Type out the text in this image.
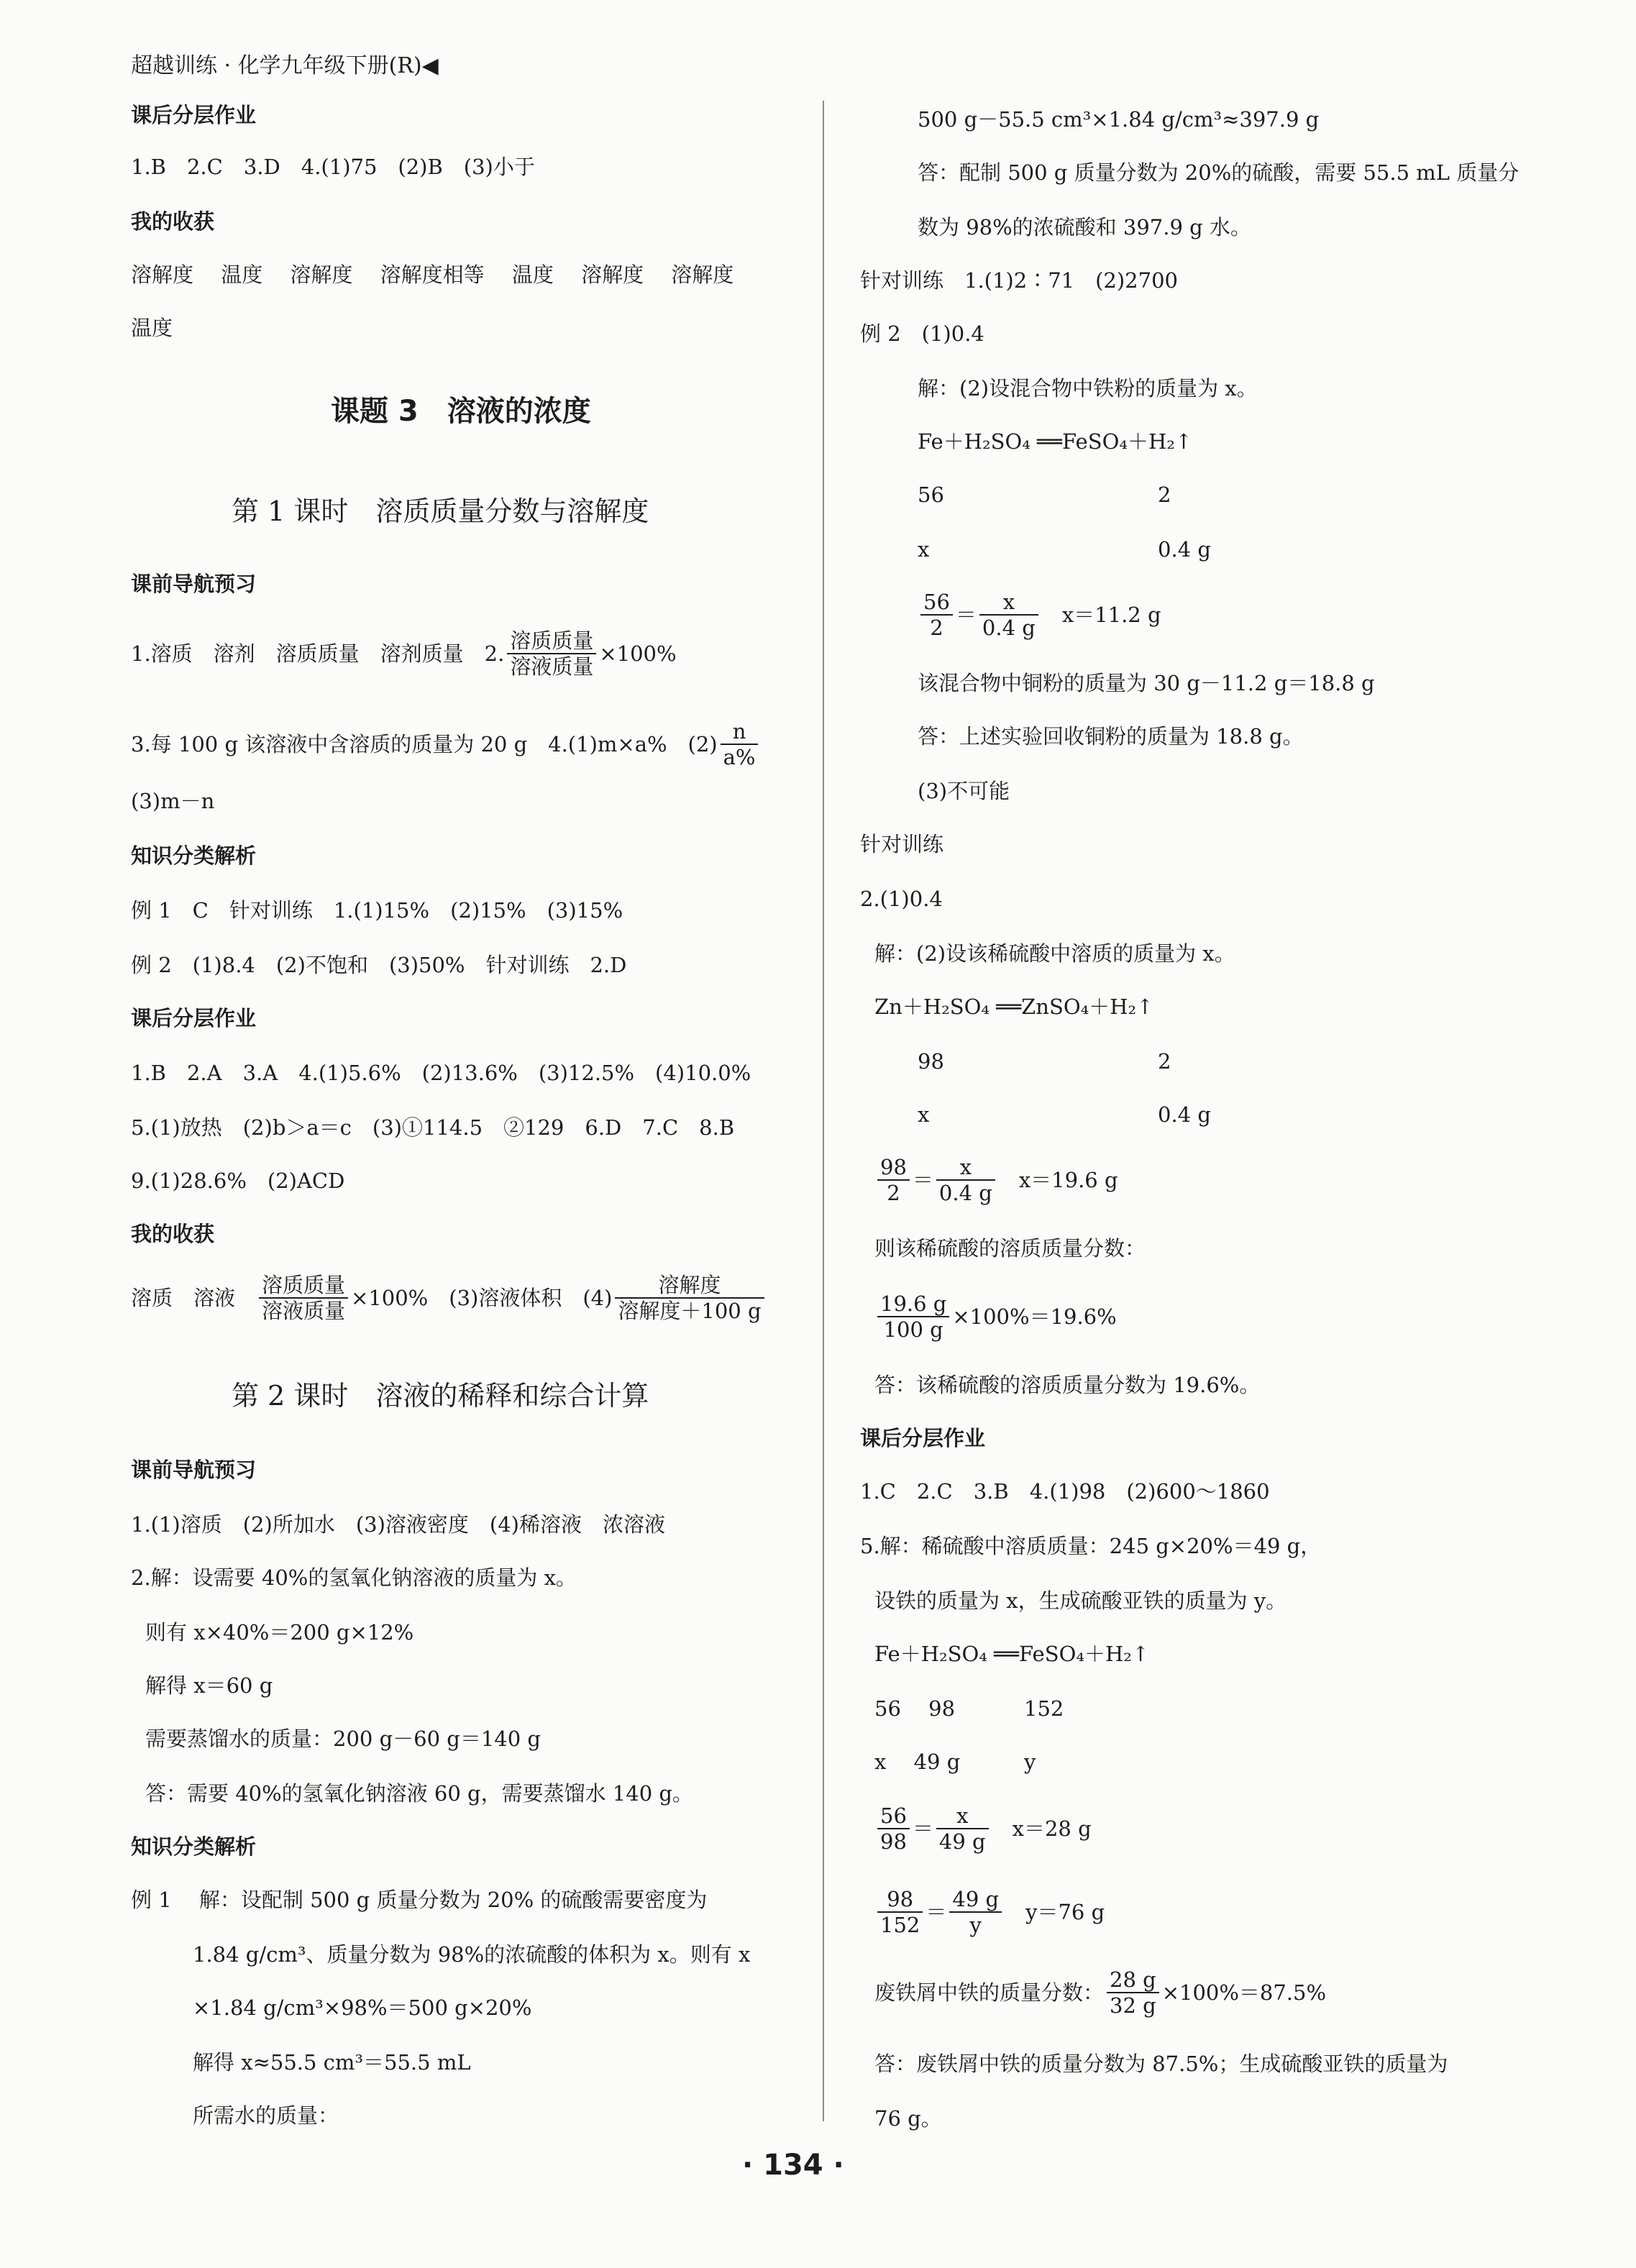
超越训练 · 化学九年级下册(R)◀
课后分层作业
1.B　2.C　3.D　4.(1)75　(2)B　(3)小于
我的收获
溶解度　 温度　 溶解度　 溶解度相等　 温度　 溶解度　 溶解度
温度
课题 3　溶液的浓度
第 1 课时　溶质质量分数与溶解度
课前导航预习
1.溶质　溶剂　溶质质量　溶剂质量　2. $\frac{\text{溶质质量}}{\text{溶液质量}} \times 100\%$
3.每 100 g 该溶液中含溶质的质量为 20 g　4.(1)m×a%　$(2) \frac{n}{a\%}$
(3)m－n
知识分类解析
例 1　C　针对训练　1.(1)15%　(2)15%　(3)15%
例 2　(1)8.4　(2)不饱和　(3)50%　针对训练　2.D
课后分层作业
1.B　2.A　3.A　4.(1)5.6%　(2)13.6%　(3)12.5%　(4)10.0%
5.(1)放热　(2)b＞a＝c　(3)①114.5　②129　6.D　7.C　8.B
9.(1)28.6%　(2)ACD
我的收获
溶质　溶液　 $\frac{\text{溶质质量}}{\text{溶液质量}} \times 100\%$　(3)溶液体积　$(4) \frac{\text{溶解度}}{\text{溶解度＋100 g}}$
第 2 课时　溶液的稀释和综合计算
课前导航预习
1.(1)溶质　(2)所加水　(3)溶液密度　(4)稀溶液　浓溶液
2.解：设需要 40%的氢氧化钠溶液的质量为 x。
则有 x×40%＝200 g×12%
解得 x＝60 g
需要蒸馏水的质量：200 g－60 g＝140 g
答：需要 40%的氢氧化钠溶液 60 g，需要蒸馏水 140 g。
知识分类解析
例 1　 解：设配制 500 g 质量分数为 20% 的硫酸需要密度为
1.84 g/cm³、质量分数为 98%的浓硫酸的体积为 x。则有 x
×1.84 g/cm³×98%＝500 g×20%
解得 x≈55.5 cm³＝55.5 mL
所需水的质量：
500 g－55.5 cm³×1.84 g/cm³≈397.9 g
答：配制 500 g 质量分数为 20%的硫酸，需要 55.5 mL 质量分
数为 98%的浓硫酸和 397.9 g 水。
针对训练　1.(1)2∶71　(2)2700
例 2　(1)0.4
解：(2)设混合物中铁粉的质量为 x。
Fe＋H₂SO₄ ══FeSO₄＋H₂↑
56	2
x	0.4 g
$\frac{56}{2} = \frac{x}{0.4 g}$ 　x＝11.2 g
该混合物中铜粉的质量为 30 g－11.2 g＝18.8 g
答：上述实验回收铜粉的质量为 18.8 g。
(3)不可能
针对训练
2.(1)0.4
解：(2)设该稀硫酸中溶质的质量为 x。
Zn＋H₂SO₄ ══ZnSO₄＋H₂↑
98	2
x	0.4 g
$\frac{98}{2} = \frac{x}{0.4 g}$ 　x＝19.6 g
则该稀硫酸的溶质质量分数：
$\frac{19.6 g}{100 g} \times 100\%=19.6\%$
答：该稀硫酸的溶质质量分数为 19.6%。
课后分层作业
1.C　2.C　3.B　4.(1)98　(2)600～1860
5.解：稀硫酸中溶质质量：245 g×20%＝49 g，
设铁的质量为 x，生成硫酸亚铁的质量为 y。
Fe＋H₂SO₄ ══FeSO₄＋H₂↑
56　 98	152
x　 49 g	y
$\frac{56}{98} = \frac{x}{49 g}$ 　x＝28 g
$\frac{98}{152} = \frac{49 g}{y}$ 　y＝76 g
废铁屑中铁的质量分数： $\frac{28 g}{32 g} \times 100\%=87.5\%$
答：废铁屑中铁的质量分数为 87.5%；生成硫酸亚铁的质量为
76 g。
· 134 ·
